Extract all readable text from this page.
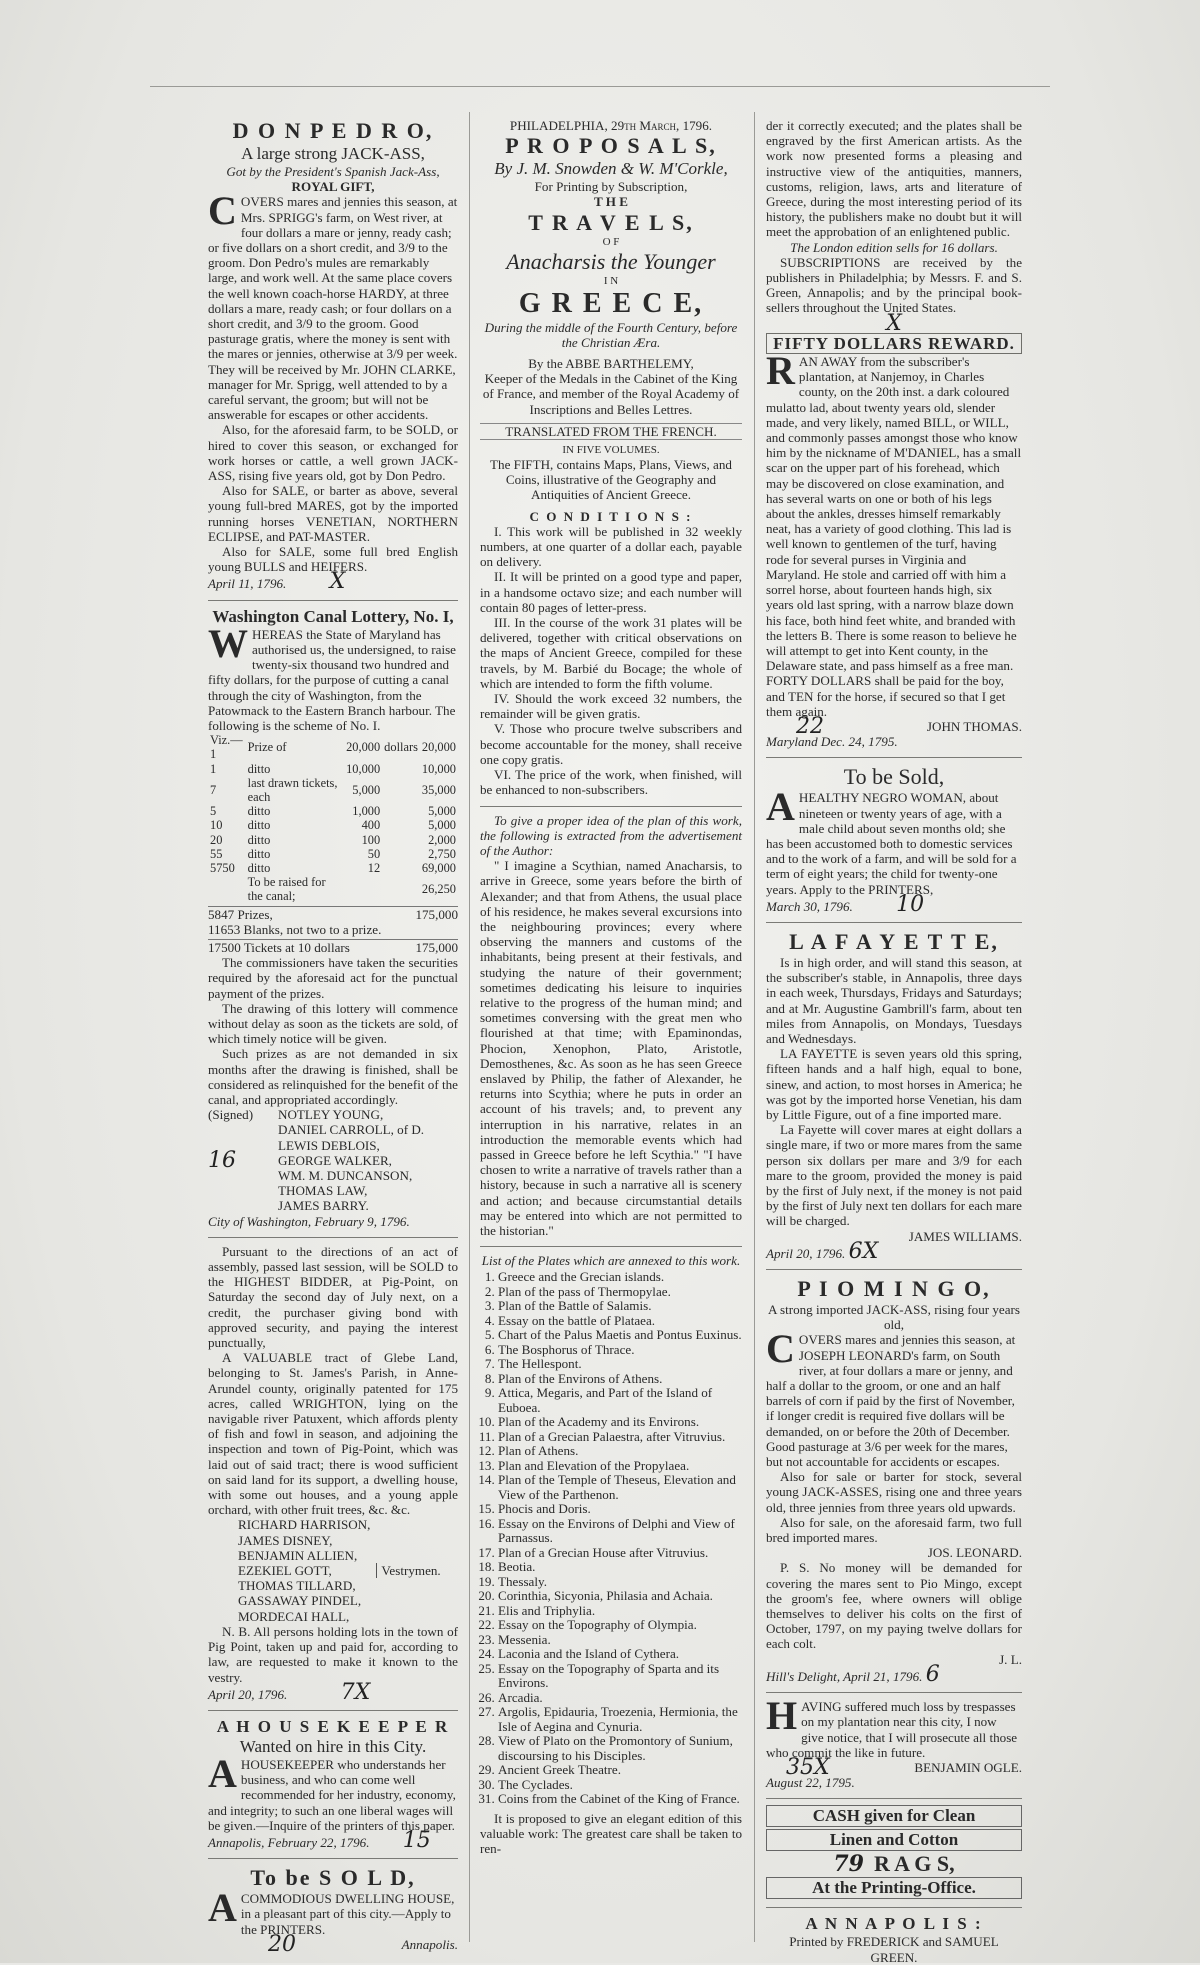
D O N P E D R O,
A large strong JACK-ASS,
Got by the President's Spanish Jack-Ass,
ROYAL GIFT,
COVERS mares and jennies this season, at Mrs. SPRIGG's farm, on West river, at four dollars a mare or jenny, ready cash; or five dollars on a short credit, and 3/9 to the groom. Don Pedro's mules are remarkably large, and work well. At the same place covers the well known coach-horse HARDY, at three dollars a mare, ready cash; or four dollars on a short credit, and 3/9 to the groom. Good pasturage gratis, where the money is sent with the mares or jennies, otherwise at 3/9 per week. They will be received by Mr. JOHN CLARKE, manager for Mr. Sprigg, well attended to by a careful servant, the groom; but will not be answerable for escapes or other accidents.

Also, for the aforesaid farm, to be SOLD, or hired to cover this season, or exchanged for work horses or cattle, a well grown JACK-ASS, rising five years old, got by Don Pedro.

Also for SALE, or barter as above, several young full-bred MARES, got by the imported running horses VENETIAN, NORTHERN ECLIPSE, and PAT-MASTER.

Also for SALE, some full bred English young BULLS and HEIFERS.

April 11, 1796. X
Washington Canal Lottery, No. I,
WHEREAS the State of Maryland has authorised us, the undersigned, to raise twenty-six thousand two hundred and fifty dollars, for the purpose of cutting a canal through the city of Washington, from the Patowmack to the Eastern Branch harbour. The following is the scheme of No. I.
Viz.—1	Prize of	20,000	dollars	20,000
1	ditto	10,000		10,000
7	last drawn tickets, each	5,000		35,000
5	ditto	1,000		5,000
10	ditto	400		5,000
20	ditto	100		2,000
55	ditto	50		2,750
5750	ditto	12		69,000
	To be raised for the canal;			26,250
5847 Prizes,	175,000
11653 Blanks, not two to a prize.
17500 Tickets at 10 dollars	175,000

The commissioners have taken the securities required by the aforesaid act for the punctual payment of the prizes.

The drawing of this lottery will commence without delay as soon as the tickets are sold, of which timely notice will be given.

Such prizes as are not demanded in six months after the drawing is finished, shall be considered as relinquished for the benefit of the canal, and appropriated accordingly.

(Signed)

16
NOTLEY YOUNG,
DANIEL CARROLL, of D.
LEWIS DEBLOIS,
GEORGE WALKER,
WM. M. DUNCANSON,
THOMAS LAW,
JAMES BARRY.
City of Washington, February 9, 1796.

Pursuant to the directions of an act of assembly, passed last session, will be SOLD to the HIGHEST BIDDER, at Pig-Point, on Saturday the second day of July next, on a credit, the purchaser giving bond with approved security, and paying the interest punctually,

A VALUABLE tract of Glebe Land, belonging to St. James's Parish, in Anne-Arundel county, originally patented for 175 acres, called WRIGHTON, lying on the navigable river Patuxent, which affords plenty of fish and fowl in season, and adjoining the inspection and town of Pig-Point, which was laid out of said tract; there is wood sufficient on said land for its support, a dwelling house, with some out houses, and a young apple orchard, with other fruit trees, &c. &c.

RICHARD HARRISON,
JAMES DISNEY,
BENJAMIN ALLIEN,
EZEKIEL GOTT,
THOMAS TILLARD,
GASSAWAY PINDEL,
MORDECAI HALL,
Vestrymen.

N. B. All persons holding lots in the town of Pig Point, taken up and paid for, according to law, are requested to make it known to the vestry.

April 20, 1796. 7X
A H O U S E K E E P E R
Wanted on hire in this City.
AHOUSEKEEPER who understands her business, and who can come well recommended for her industry, economy, and integrity; to such an one liberal wages will be given.—Inquire of the printers of this paper.
Annapolis, February 22, 1796. 15
To be S O L D,
ACOMMODIOUS DWELLING HOUSE, in a pleasant part of this city.—Apply to the PRINTERS.
20	Annapolis.
PHILADELPHIA, 29th March, 1796.
P R O P O S A L S,
By J. M. Snowden & W. M'Corkle,
For Printing by Subscription,
T H E
T R A V E L S,
O F
Anacharsis the Younger
I N
G R E E C E,
During the middle of the Fourth Century, before the Christian Æra.
By the ABBE BARTHELEMY,
Keeper of the Medals in the Cabinet of the King of France, and member of the Royal Academy of Inscriptions and Belles Lettres.
TRANSLATED FROM THE FRENCH.
IN FIVE VOLUMES.
The FIFTH, contains Maps, Plans, Views, and Coins, illustrative of the Geography and Antiquities of Ancient Greece.
C O N D I T I O N S :

I. This work will be published in 32 weekly numbers, at one quarter of a dollar each, payable on delivery.

II. It will be printed on a good type and paper, in a handsome octavo size; and each number will contain 80 pages of letter-press.

III. In the course of the work 31 plates will be delivered, together with critical observations on the maps of Ancient Greece, compiled for these travels, by M. Barbié du Bocage; the whole of which are intended to form the fifth volume.

IV. Should the work exceed 32 numbers, the remainder will be given gratis.

V. Those who procure twelve subscribers and become accountable for the money, shall receive one copy gratis.

VI. The price of the work, when finished, will be enhanced to non-subscribers.

To give a proper idea of the plan of this work, the following is extracted from the advertisement of the Author:

" I imagine a Scythian, named Anacharsis, to arrive in Greece, some years before the birth of Alexander; and that from Athens, the usual place of his residence, he makes several excursions into the neighbouring provinces; every where observing the manners and customs of the inhabitants, being present at their festivals, and studying the nature of their government; sometimes dedicating his leisure to inquiries relative to the progress of the human mind; and sometimes conversing with the great men who flourished at that time; with Epaminondas, Phocion, Xenophon, Plato, Aristotle, Demosthenes, &c. As soon as he has seen Greece enslaved by Philip, the father of Alexander, he returns into Scythia; where he puts in order an account of his travels; and, to prevent any interruption in his narrative, relates in an introduction the memorable events which had passed in Greece before he left Scythia." "I have chosen to write a narrative of travels rather than a history, because in such a narrative all is scenery and action; and because circumstantial details may be entered into which are not permitted to the historian."

List of the Plates which are annexed to this work.
1. Greece and the Grecian islands.
2. Plan of the pass of Thermopylae.
3. Plan of the Battle of Salamis.
4. Essay on the battle of Plataea.
5. Chart of the Palus Maetis and Pontus Euxinus.
6. The Bosphorus of Thrace.
7. The Hellespont.
8. Plan of the Environs of Athens.
9. Attica, Megaris, and Part of the Island of Euboea.
10. Plan of the Academy and its Environs.
11. Plan of a Grecian Palaestra, after Vitruvius.
12. Plan of Athens.
13. Plan and Elevation of the Propylaea.
14. Plan of the Temple of Theseus, Elevation and View of the Parthenon.
15. Phocis and Doris.
16. Essay on the Environs of Delphi and View of Parnassus.
17. Plan of a Grecian House after Vitruvius.
18. Beotia.
19. Thessaly.
20. Corinthia, Sicyonia, Philasia and Achaia.
21. Elis and Triphylia.
22. Essay on the Topography of Olympia.
23. Messenia.
24. Laconia and the Island of Cythera.
25. Essay on the Topography of Sparta and its Environs.
26. Arcadia.
27. Argolis, Epidauria, Troezenia, Hermionia, the Isle of Aegina and Cynuria.
28. View of Plato on the Promontory of Sunium, discoursing to his Disciples.
29. Ancient Greek Theatre.
30. The Cyclades.
31. Coins from the Cabinet of the King of France.

It is proposed to give an elegant edition of this valuable work: The greatest care shall be taken to ren-

der it correctly executed; and the plates shall be engraved by the first American artists. As the work now presented forms a pleasing and instructive view of the antiquities, manners, customs, religion, laws, arts and literature of Greece, during the most interesting period of its history, the publishers make no doubt but it will meet the approbation of an enlightened public.

The London edition sells for 16 dollars.

SUBSCRIPTIONS are received by the publishers in Philadelphia; by Messrs. F. and S. Green, Annapolis; and by the principal book-sellers throughout the United States.

X
FIFTY DOLLARS REWARD.
RAN AWAY from the subscriber's plantation, at Nanjemoy, in Charles county, on the 20th inst. a dark coloured mulatto lad, about twenty years old, slender made, and very likely, named BILL, or WILL, and commonly passes amongst those who know him by the nickname of M'DANIEL, has a small scar on the upper part of his forehead, which may be discovered on close examination, and has several warts on one or both of his legs about the ankles, dresses himself remarkably neat, has a variety of good clothing. This lad is well known to gentlemen of the turf, having rode for several purses in Virginia and Maryland. He stole and carried off with him a sorrel horse, about fourteen hands high, six years old last spring, with a narrow blaze down his face, both hind feet white, and branded with the letters B. There is some reason to believe he will attempt to get into Kent county, in the Delaware state, and pass himself as a free man. FORTY DOLLARS shall be paid for the boy, and TEN for the horse, if secured so that I get them again.
22	JOHN THOMAS.
Maryland Dec. 24, 1795.
To be Sold,
AHEALTHY NEGRO WOMAN, about nineteen or twenty years of age, with a male child about seven months old; she has been accustomed both to domestic services and to the work of a farm, and will be sold for a term of eight years; the child for twenty-one years. Apply to the PRINTERS,
March 30, 1796. 10
L A F A Y E T T E,

Is in high order, and will stand this season, at the subscriber's stable, in Annapolis, three days in each week, Thursdays, Fridays and Saturdays; and at Mr. Augustine Gambrill's farm, about ten miles from Annapolis, on Mondays, Tuesdays and Wednesdays.

LA FAYETTE is seven years old this spring, fifteen hands and a half high, equal to bone, sinew, and action, to most horses in America; he was got by the imported horse Venetian, his dam by Little Figure, out of a fine imported mare.

La Fayette will cover mares at eight dollars a single mare, if two or more mares from the same person six dollars per mare and 3/9 for each mare to the groom, provided the money is paid by the first of July next, if the money is not paid by the first of July next ten dollars for each mare will be charged.

JAMES WILLIAMS.
April 20, 1796. 6X
P I O M I N G O,
A strong imported JACK-ASS, rising four years old,
COVERS mares and jennies this season, at JOSEPH LEONARD's farm, on South river, at four dollars a mare or jenny, and half a dollar to the groom, or one and an half barrels of corn if paid by the first of November, if longer credit is required five dollars will be demanded, on or before the 20th of December. Good pasturage at 3/6 per week for the mares, but not accountable for accidents or escapes.

Also for sale or barter for stock, several young JACK-ASSES, rising one and three years old, three jennies from three years old upwards.

Also for sale, on the aforesaid farm, two full bred imported mares.

JOS. LEONARD.

P. S. No money will be demanded for covering the mares sent to Pio Mingo, except the groom's fee, where owners will oblige themselves to deliver his colts on the first of October, 1797, on my paying twelve dollars for each colt.

J. L.
Hill's Delight, April 21, 1796. 6
HAVING suffered much loss by trespasses on my plantation near this city, I now give notice, that I will prosecute all those who commit the like in future.
35X	BENJAMIN OGLE.
August 22, 1795.
CASH given for Clean
Linen and Cotton
79 R A G S,
At the Printing-Office.
A N N A P O L I S :
Printed by FREDERICK and SAMUEL GREEN.
